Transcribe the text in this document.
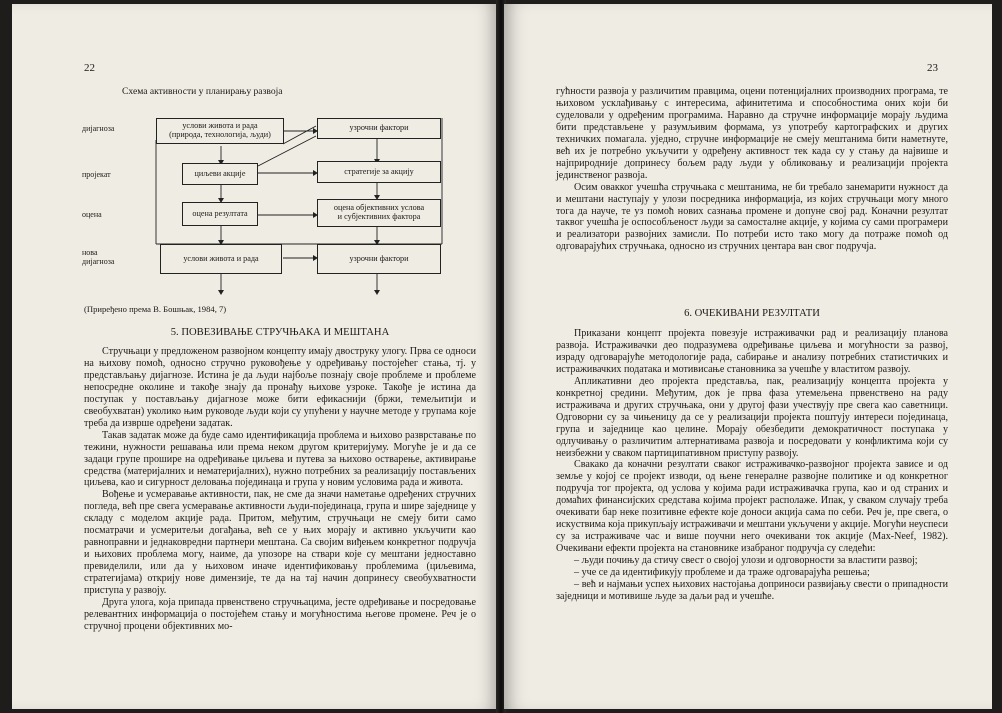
22
Схема активности у планирању развоја
дијагноза
пројекат
оцена
нова
дијагноза
услови живота и рада
(природа, технологија, људи)
циљеви акције
оцена резултата
услови живота и рада
узрочни фактори
стратегије за акцију
оцена објективних услова
и субјективних фактора
узрочни фактори
(Приређено према В. Бошњак, 1984, 7)

5. ПОВЕЗИВАЊЕ СТРУЧЊАКА И МЕШТАНА

Стручњаци у предложеном развојном концепту имају двоструку улогу. Прва се односи на њихову помоћ, односно стручно руковођење у одређивању постојећег стања, тј. у представљању дијагнозе. Истина је да људи најбоље познају своје проблеме и проблеме непосредне околине и такође знају да пронађу њихове узроке. Такође је истина да поступак у постављању дијагнозе може бити ефикаснији (бржи, темељитији и свеобухватан) уколико њим руководе људи који су упућени у научне методе у групама које треба да изврше одређени задатак.

Такав задатак може да буде само идентификација проблема и њихово разврставање по тежини, нужности решавања или према неком другом критеријуму. Могуће је и да се задаци групе прошире на одређивање циљева и путева за њихово остварење, активирање средства (материјалних и нематеријалних), нужно потребних за реализацију постављених циљева, као и сигурност деловања појединаца и група у новим условима рада и живота.

Вођење и усмеравање активности, пак, не сме да значи наметање одређених стручних погледа, већ пре свега усмеравање активности људи-појединаца, група и шире заједнице у складу с моделом акције рада. Притом, међутим, стручњаци не смеју бити само посматрачи и усмеритељи догађања, већ се у њих морају и активно укључити као равноправни и једнаковредни партнери мештана. Са својим виђењем конкретног подручја и њихових проблема могу, наиме, да упозоре на ствари које су мештани једноставно превиделили, или да у њиховом иначе идентификовању проблемима (циљевима, стратегијама) открију нове димензије, те да на тај начин допринесу свеобухватности приступа у развоју.

Друга улога, која припада првенствено стручњацима, јесте одређивање и посредовање релевантних информација о постојећем стању и могућностима његове промене. Реч је о стручној процени објективних мо-

23

гућности развоја у различитим правцима, оцени потенцијалних производних програма, те њиховом усклађивању с интересима, афинитетима и способностима оних који би суделовали у одређеним програмима. Наравно да стручне информације морају људима бити представљене у разумљивим формама, уз употребу картографских и других техничких помагала. уједно, стручне информације не смеју мештанима бити наметнуте, већ их је потребно укључити у одређену активност тек када су у стању да највише и најприродније допринесу бољем раду људи у обликовању и реализацији пројекта јединственог развоја.

Осим овакког учешћа стручњака с мештанима, не би требало занемарити нужност да и мештани наступају у улози посредника информација, из којих стручњаци могу много тога да науче, те уз помоћ нових сазнања промене и допуне свој рад. Коначни резултат таквог учешћа је оспособљеност људи за самосталне акције, у којима су сами програмери и реализатори развојних замисли. По потреби исто тако могу да потраже помоћ од одговарајућих стручњака, односно из стручних центара ван свог подручја.

6. ОЧЕКИВАНИ РЕЗУЛТАТИ

Приказани концепт пројекта повезује истраживачки рад и реализацију планова развоја. Истраживачки део подразумева одређивање циљева и могућности за развој, израду одговарајуће методологије рада, сабирање и анализу потребних статистичких и истраживачких података и мотивисање становника за учешће у властитом развоју.

Апликативни део пројекта представља, пак, реализацију концепта пројекта у конкретној средини. Међутим, док је прва фаза утемељена првенствено на раду истраживача и других стручњака, они у другој фази учествују пре свега као саветници. Одговорни су за чињеницу да се у реализацији пројекта поштују интереси појединаца, група и заједнице као целине. Морају обезбедити демократичност поступака у одлучивању о различитим алтернативама развоја и посредовати у конфликтима који су неизбежни у сваком партиципативном приступу развоју.

Свакако да коначни резултати сваког истраживачко-развојног пројекта зависе и од земље у којој се пројект изводи, од њене генералне развојне политике и од конкретног подручја тог пројекта, од услова у којима ради истраживачка група, као и од страних и домаћих финансијских средстава којима пројект располаже. Ипак, у сваком случају треба очекивати бар неке позитивне ефекте које доноси акција сама по себи. Реч је, пре свега, о искуствима која прикупљају истраживачи и мештани укључени у акције. Могући неуспеси су за истраживаче час и више поучни него очекивани ток акције (Max-Neef, 1982). Очекивани ефекти пројекта на становнике изабраног подручја су следећи:

– људи почињу да стичу свест о својој улози и одговорности за властити развој;

– уче се да идентификују проблеме и да траже одговарајућа решења;

– већ и најмањи успех њихових настојања доприноси развијању свести о припадности заједници и мотивише људе за даљи рад и учешће.
